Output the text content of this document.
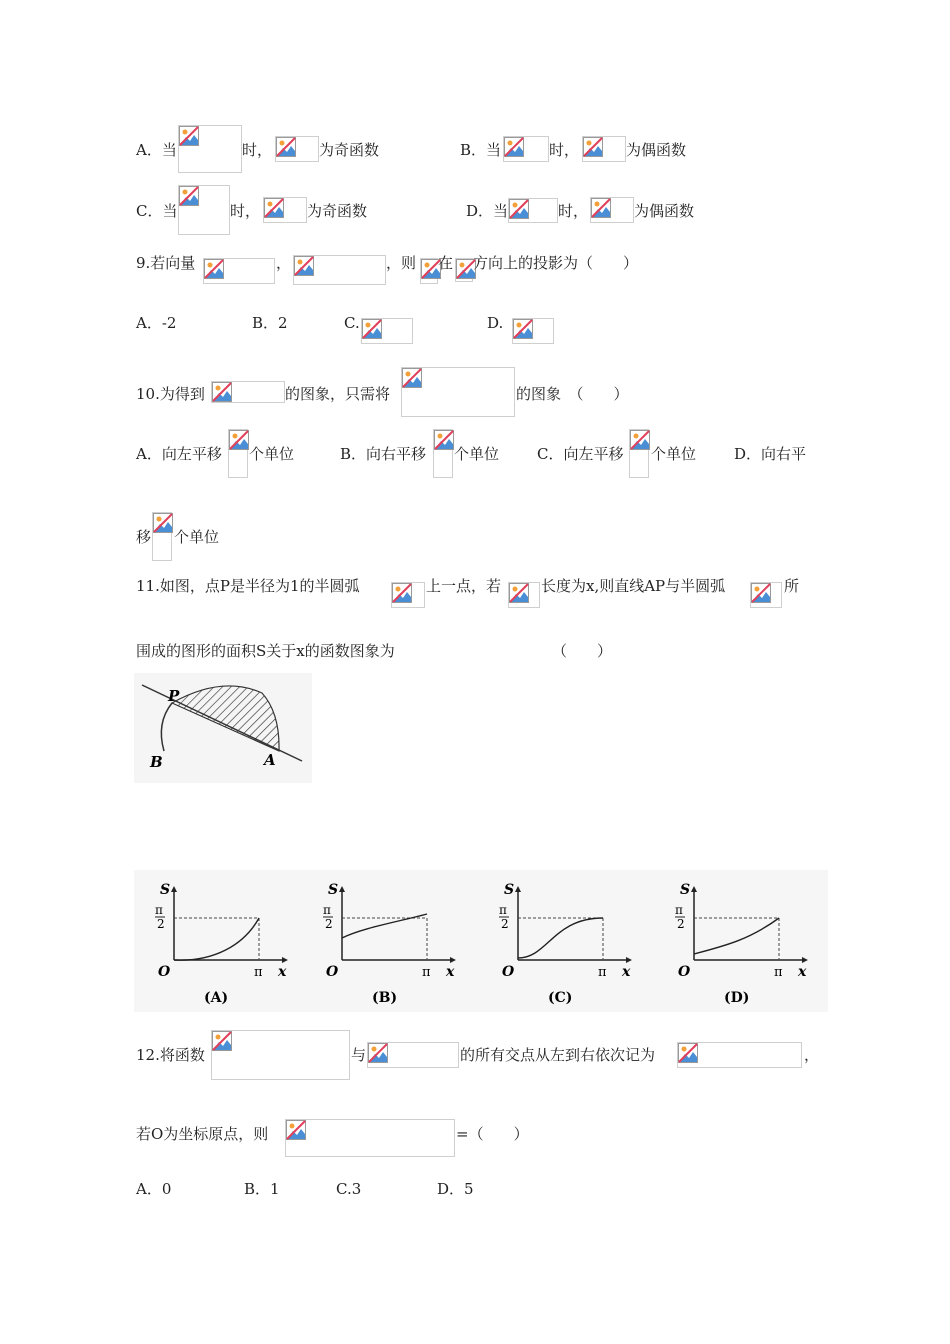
A．当	时，	为奇函数	B．当	时，	为偶函数
C．当	时，	为奇函数	D．当	时，	为偶函数
9.若向量	，	，则 在 方向上的投影为（　　）
A．-2	B．2	C.	D.
10.为得到	的图象，只需将	的图象　（　　）
A．向左平移 个单位	B．向右平移 个单位	C．向左平移 个单位	D．向右平
移 个单位
11.如图，点P是半径为1的半圆弧	上一点，若	长度为x,则直线AP与半圆弧	所
围成的图形的面积S关于x的函数图象为	（　　）
P
B	A
S
π
2
O	π x
(A)
S
π
2
O	π x
(B)
S
π
2
O	π x
(C)
S
π
2
O	π x
(D)
12.将函数	与	的所有交点从左到右依次记为	，
若O为坐标原点，则	=（　　）
A．0	B．1	C.3	D．5
